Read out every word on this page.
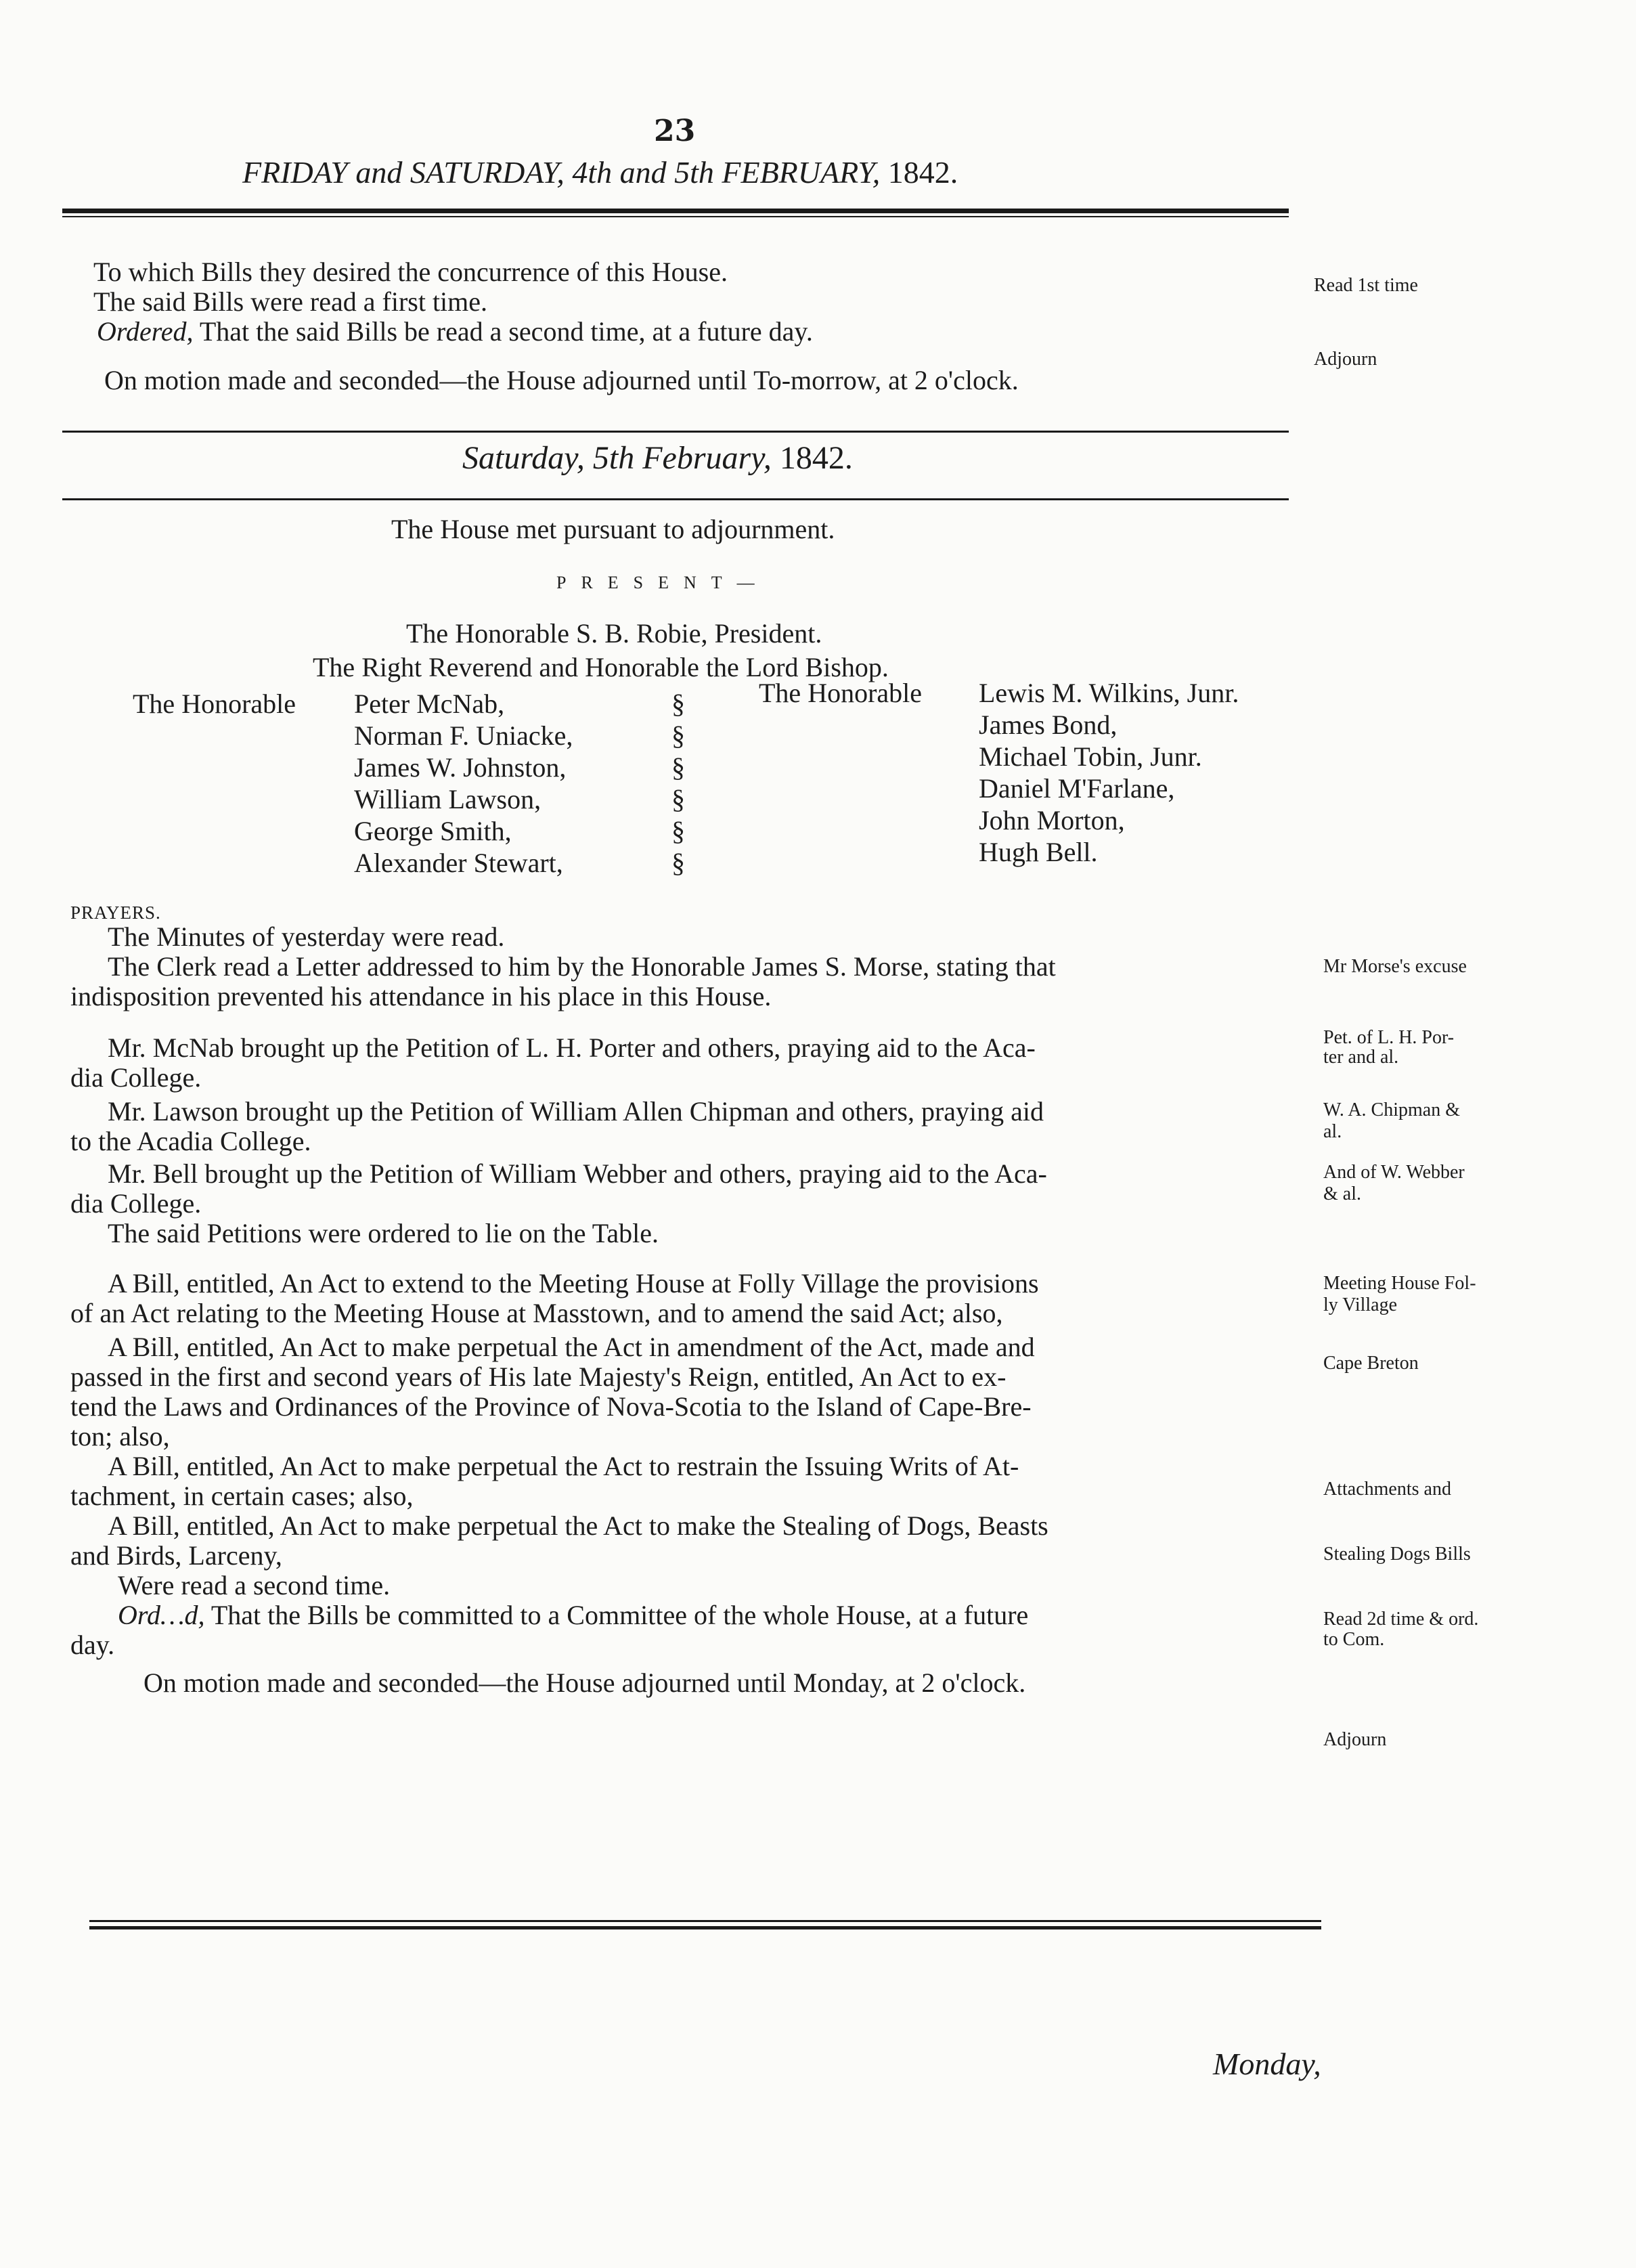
23
FRIDAY and SATURDAY, 4th and 5th FEBRUARY, 1842.
To which Bills they desired the concurrence of this House.
The said Bills were read a first time.
Ordered, That the said Bills be read a second time, at a future day.
On motion made and seconded—the House adjourned until To-morrow, at 2 o'clock.
Read 1st time
Adjourn
Saturday, 5th February, 1842.
The House met pursuant to adjournment.
PRESENT—
The Honorable S. B. Robie, President.
The Right Reverend and Honorable the Lord Bishop.
The Honorable Peter McNab,
Norman F. Uniacke,
James W. Johnston,
William Lawson,
George Smith,
Alexander Stewart,
§
§
§
§
§
§
The Honorable Lewis M. Wilkins, Junr.
James Bond,
Michael Tobin, Junr.
Daniel M'Farlane,
John Morton,
Hugh Bell.
PRAYERS.
The Minutes of yesterday were read.
The Clerk read a Letter addressed to him by the Honorable James S. Morse, stating that
indisposition prevented his attendance in his place in this House.
Mr. McNab brought up the Petition of L. H. Porter and others, praying aid to the Aca-
dia College.
Mr. Lawson brought up the Petition of William Allen Chipman and others, praying aid
to the Acadia College.
Mr. Bell brought up the Petition of William Webber and others, praying aid to the Aca-
dia College.
The said Petitions were ordered to lie on the Table.
A Bill, entitled, An Act to extend to the Meeting House at Folly Village the provisions
of an Act relating to the Meeting House at Masstown, and to amend the said Act; also,
A Bill, entitled, An Act to make perpetual the Act in amendment of the Act, made and
passed in the first and second years of His late Majesty's Reign, entitled, An Act to ex-
tend the Laws and Ordinances of the Province of Nova-Scotia to the Island of Cape-Bre-
ton; also,
A Bill, entitled, An Act to make perpetual the Act to restrain the Issuing Writs of At-
tachment, in certain cases; also,
A Bill, entitled, An Act to make perpetual the Act to make the Stealing of Dogs, Beasts
and Birds, Larceny,
Were read a second time.
Ord…d, That the Bills be committed to a Committee of the whole House, at a future
day.
On motion made and seconded—the House adjourned until Monday, at 2 o'clock.
Mr Morse's excuse
Pet. of L. H. Por-
ter and al.
W. A. Chipman &
al.
And of W. Webber
& al.
Meeting House Fol-
ly Village
Cape Breton
Attachments and
Stealing Dogs Bills
Read 2d time & ord.
to Com.
Adjourn
Monday,
